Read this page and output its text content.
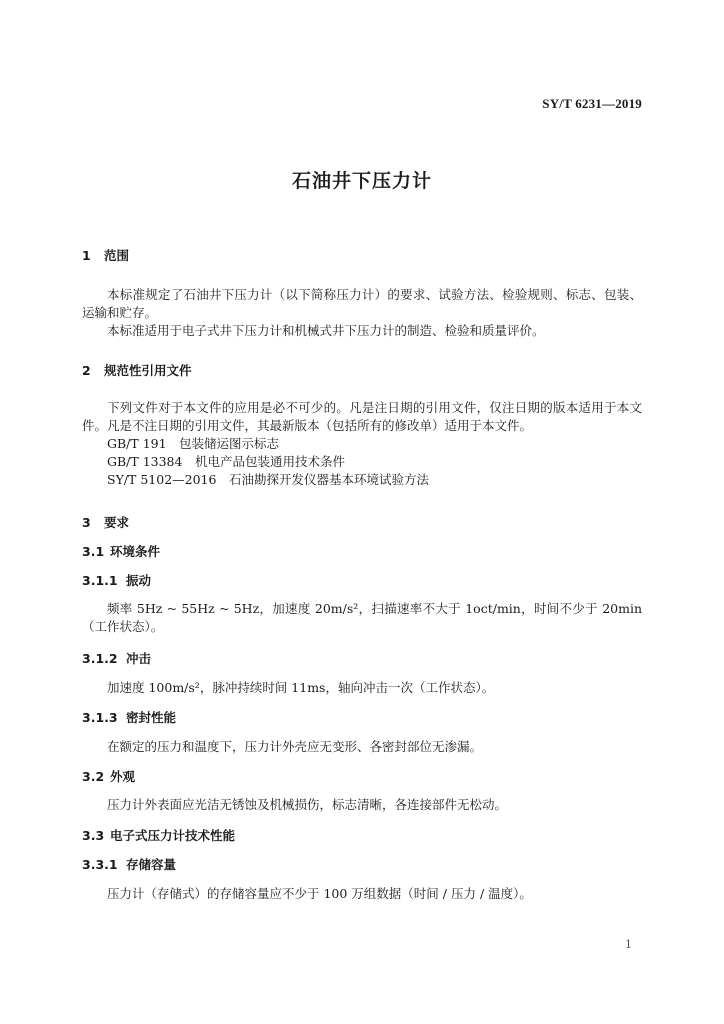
SY/T 6231—2019
石油井下压力计
1 范围
本标准规定了石油井下压力计（以下简称压力计）的要求、试验方法、检验规则、标志、包装、运输和贮存。
本标准适用于电子式井下压力计和机械式井下压力计的制造、检验和质量评价。
2 规范性引用文件
下列文件对于本文件的应用是必不可少的。凡是注日期的引用文件，仅注日期的版本适用于本文件。凡是不注日期的引用文件，其最新版本（包括所有的修改单）适用于本文件。
GB/T 191　包装储运图示标志
GB/T 13384　机电产品包装通用技术条件
SY/T 5102—2016　石油勘探开发仪器基本环境试验方法
3 要求
3.1 环境条件
3.1.1 振动
频率 5Hz ~ 55Hz ~ 5Hz，加速度 20m/s²，扫描速率不大于 1oct/min，时间不少于 20min（工作状态）。
3.1.2 冲击
加速度 100m/s²，脉冲持续时间 11ms，轴向冲击一次（工作状态）。
3.1.3 密封性能
在额定的压力和温度下，压力计外壳应无变形、各密封部位无渗漏。
3.2 外观
压力计外表面应光洁无锈蚀及机械损伤，标志清晰，各连接部件无松动。
3.3 电子式压力计技术性能
3.3.1 存储容量
压力计（存储式）的存储容量应不少于 100 万组数据（时间 / 压力 / 温度）。
1
